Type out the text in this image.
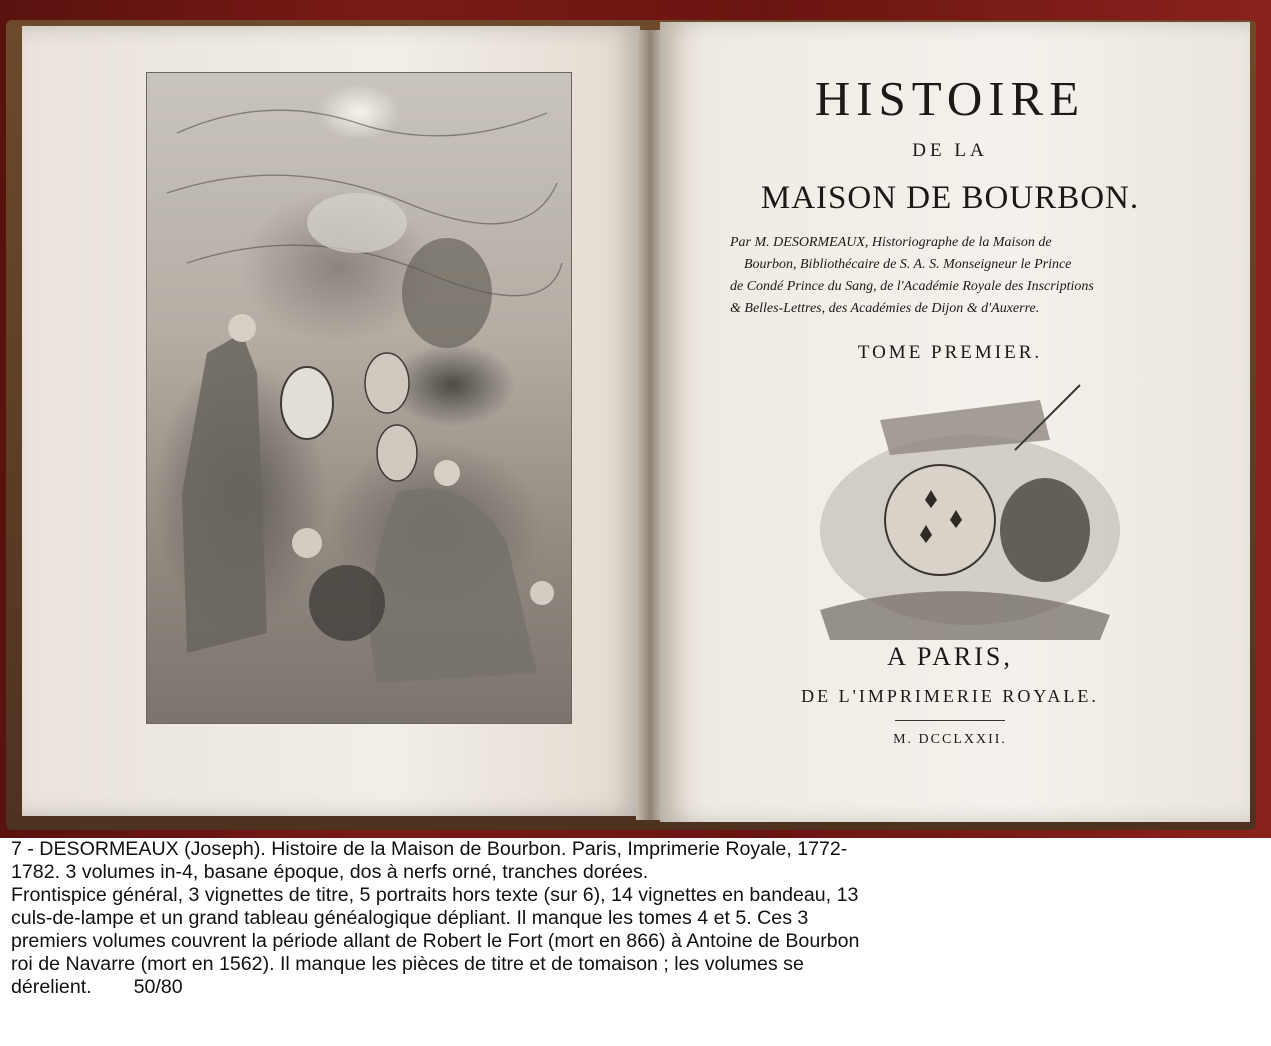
HISTOIRE
DE LA
MAISON DE BOURBON.
Par M. DESORMEAUX, Historiographe de la Maison de
Bourbon, Bibliothécaire de S. A. S. Monseigneur le Prince
de Condé Prince du Sang, de l'Académie Royale des Inscriptions
& Belles-Lettres, des Académies de Dijon & d'Auxerre.
TOME PREMIER.
A PARIS,
DE L'IMPRIMERIE ROYALE.
M. DCCLXXII.
7 - DESORMEAUX (Joseph). Histoire de la Maison de Bourbon. Paris, Imprimerie Royale, 1772-
1782. 3 volumes in-4, basane époque, dos à nerfs orné, tranches dorées.
Frontispice général, 3 vignettes de titre, 5 portraits hors texte (sur 6), 14 vignettes en bandeau, 13
culs-de-lampe et un grand tableau généalogique dépliant. Il manque les tomes 4 et 5. Ces 3
premiers volumes couvrent la période allant de Robert le Fort (mort en 866) à Antoine de Bourbon
roi de Navarre (mort en 1562). Il manque les pièces de titre et de tomaison ; les volumes se
dérelient. 50/80
